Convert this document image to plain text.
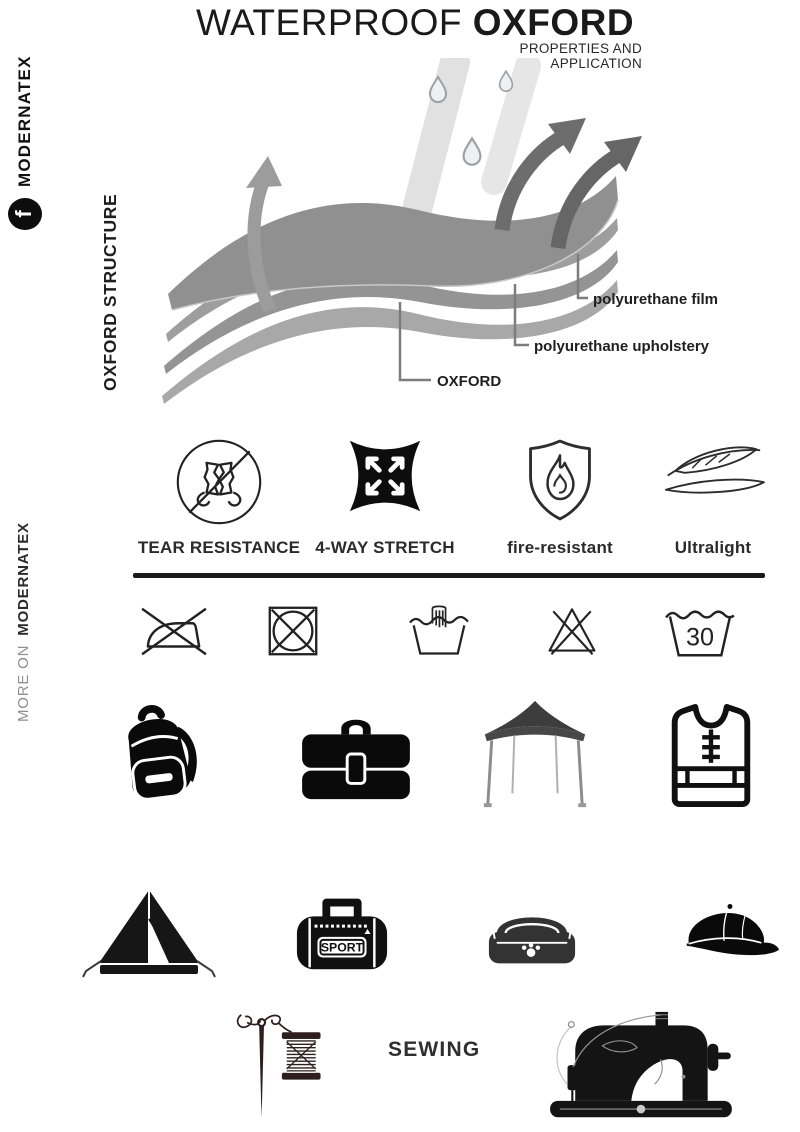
WATERPROOF OXFORD
PROPERTIES AND APPLICATION
f
MODERNATEX
OXFORD STRUCTURE
MORE ON
MODERNATEX
polyurethane film
polyurethane upholstery
OXFORD
TEAR RESISTANCE 4-WAY STRETCH	fire-resistant	Ultralight
30
SPORT
SEWING
